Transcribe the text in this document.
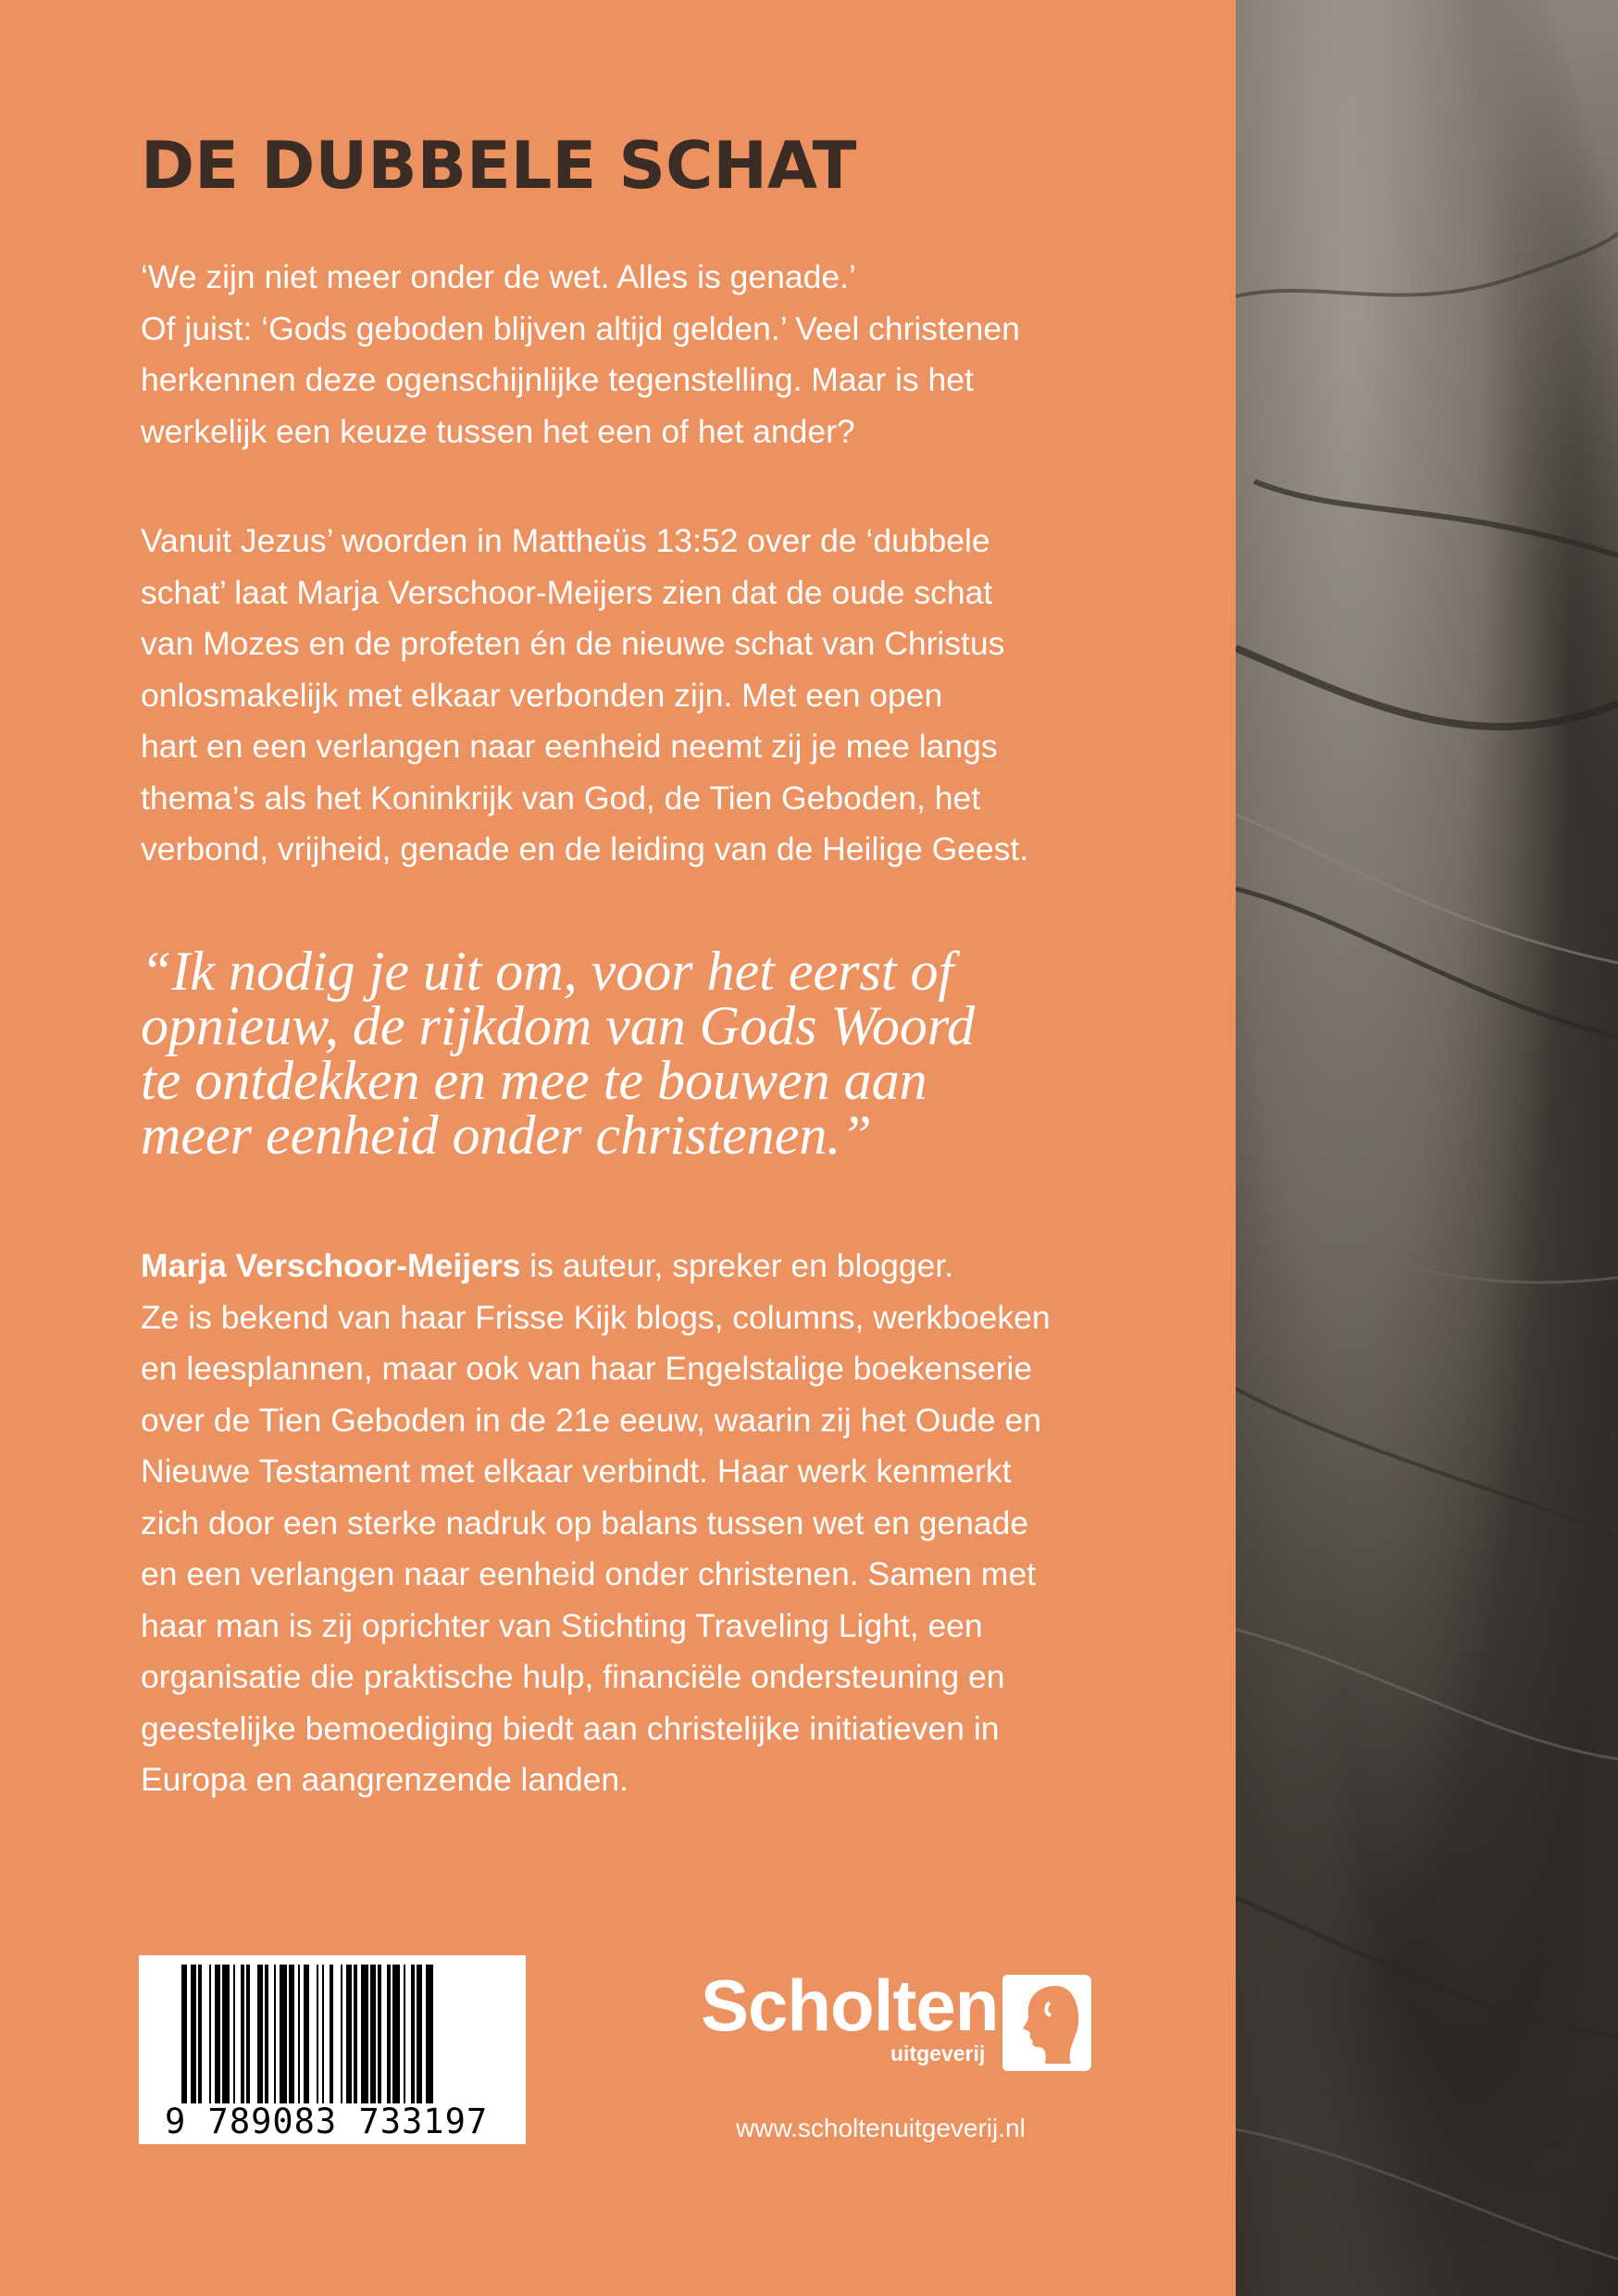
DE DUBBELE SCHAT
‘We zijn niet meer onder de wet. Alles is genade.’
Of juist: ‘Gods geboden blijven altijd gelden.’ Veel christenen
herkennen deze ogenschijnlijke tegenstelling. Maar is het
werkelijk een keuze tussen het een of het ander?
Vanuit Jezus’ woorden in Mattheüs 13:52 over de ‘dubbele
schat’ laat Marja Verschoor-Meijers zien dat de oude schat
van Mozes en de profeten én de nieuwe schat van Christus
onlosmakelijk met elkaar verbonden zijn. Met een open
hart en een verlangen naar eenheid neemt zij je mee langs
thema’s als het Koninkrijk van God, de Tien Geboden, het
verbond, vrijheid, genade en de leiding van de Heilige Geest.
“Ik nodig je uit om, voor het eerst of
opnieuw, de rijkdom van Gods Woord
te ontdekken en mee te bouwen aan
meer eenheid onder christenen.”
Marja Verschoor-Meijers is auteur, spreker en blogger.
Ze is bekend van haar Frisse Kijk blogs, columns, werkboeken
en leesplannen, maar ook van haar Engelstalige boekenserie
over de Tien Geboden in de 21e eeuw, waarin zij het Oude en
Nieuwe Testament met elkaar verbindt. Haar werk kenmerkt
zich door een sterke nadruk op balans tussen wet en genade
en een verlangen naar eenheid onder christenen. Samen met
haar man is zij oprichter van Stichting Traveling Light, een
organisatie die praktische hulp, financiële ondersteuning en
geestelijke bemoediging biedt aan christelijke initiatieven in
Europa en aangrenzende landen.
9 789083 733197
Scholten
uitgeverij
www.scholtenuitgeverij.nl
